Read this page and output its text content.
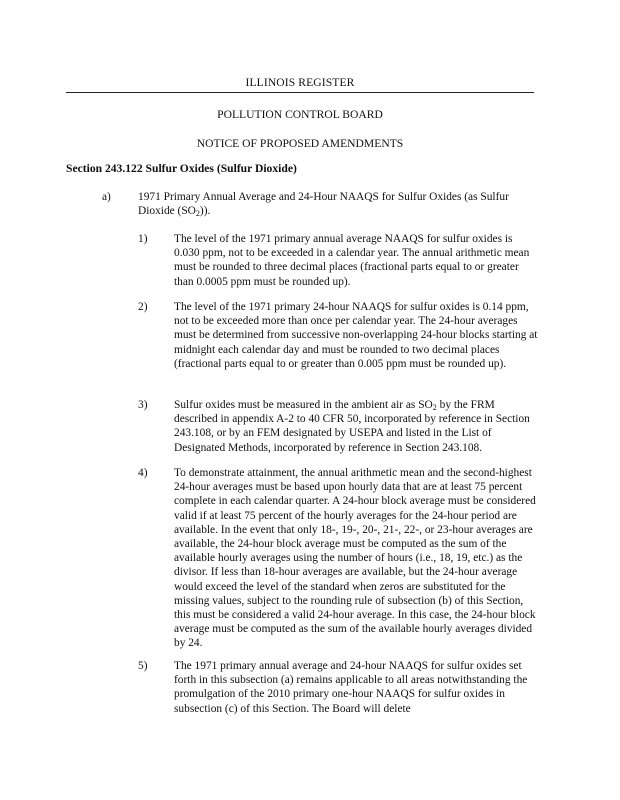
ILLINOIS REGISTER
POLLUTION CONTROL BOARD
NOTICE OF PROPOSED AMENDMENTS
Section 243.122 Sulfur Oxides (Sulfur Dioxide)
a) 1971 Primary Annual Average and 24-Hour NAAQS for Sulfur Oxides (as Sulfur Dioxide $(SO_2)$).
1) The level of the 1971 primary annual average NAAQS for sulfur oxides is 0.030 ppm, not to be exceeded in a calendar year. The annual arithmetic mean must be rounded to three decimal places (fractional parts equal to or greater than 0.0005 ppm must be rounded up).
2) The level of the 1971 primary 24-hour NAAQS for sulfur oxides is 0.14 ppm, not to be exceeded more than once per calendar year. The 24-hour averages must be determined from successive non-overlapping 24-hour blocks starting at midnight each calendar day and must be rounded to two decimal places (fractional parts equal to or greater than 0.005 ppm must be rounded up).
3) Sulfur oxides must be measured in the ambient air as $SO_2$ by the FRM described in appendix A-2 to 40 CFR 50, incorporated by reference in Section 243.108, or by an FEM designated by USEPA and listed in the List of Designated Methods, incorporated by reference in Section 243.108.
4) To demonstrate attainment, the annual arithmetic mean and the second-highest 24-hour averages must be based upon hourly data that are at least 75 percent complete in each calendar quarter. A 24-hour block average must be considered valid if at least 75 percent of the hourly averages for the 24-hour period are available. In the event that only 18-, 19-, 20-, 21-, 22-, or 23-hour averages are available, the 24-hour block average must be computed as the sum of the available hourly averages using the number of hours (i.e., 18, 19, etc.) as the divisor. If less than 18-hour averages are available, but the 24-hour average would exceed the level of the standard when zeros are substituted for the missing values, subject to the rounding rule of subsection (b) of this Section, this must be considered a valid 24-hour average. In this case, the 24-hour block average must be computed as the sum of the available hourly averages divided by 24.
5) The 1971 primary annual average and 24-hour NAAQS for sulfur oxides set forth in this subsection (a) remains applicable to all areas notwithstanding the promulgation of the 2010 primary one-hour NAAQS for sulfur oxides in subsection (c) of this Section. The Board will delete
